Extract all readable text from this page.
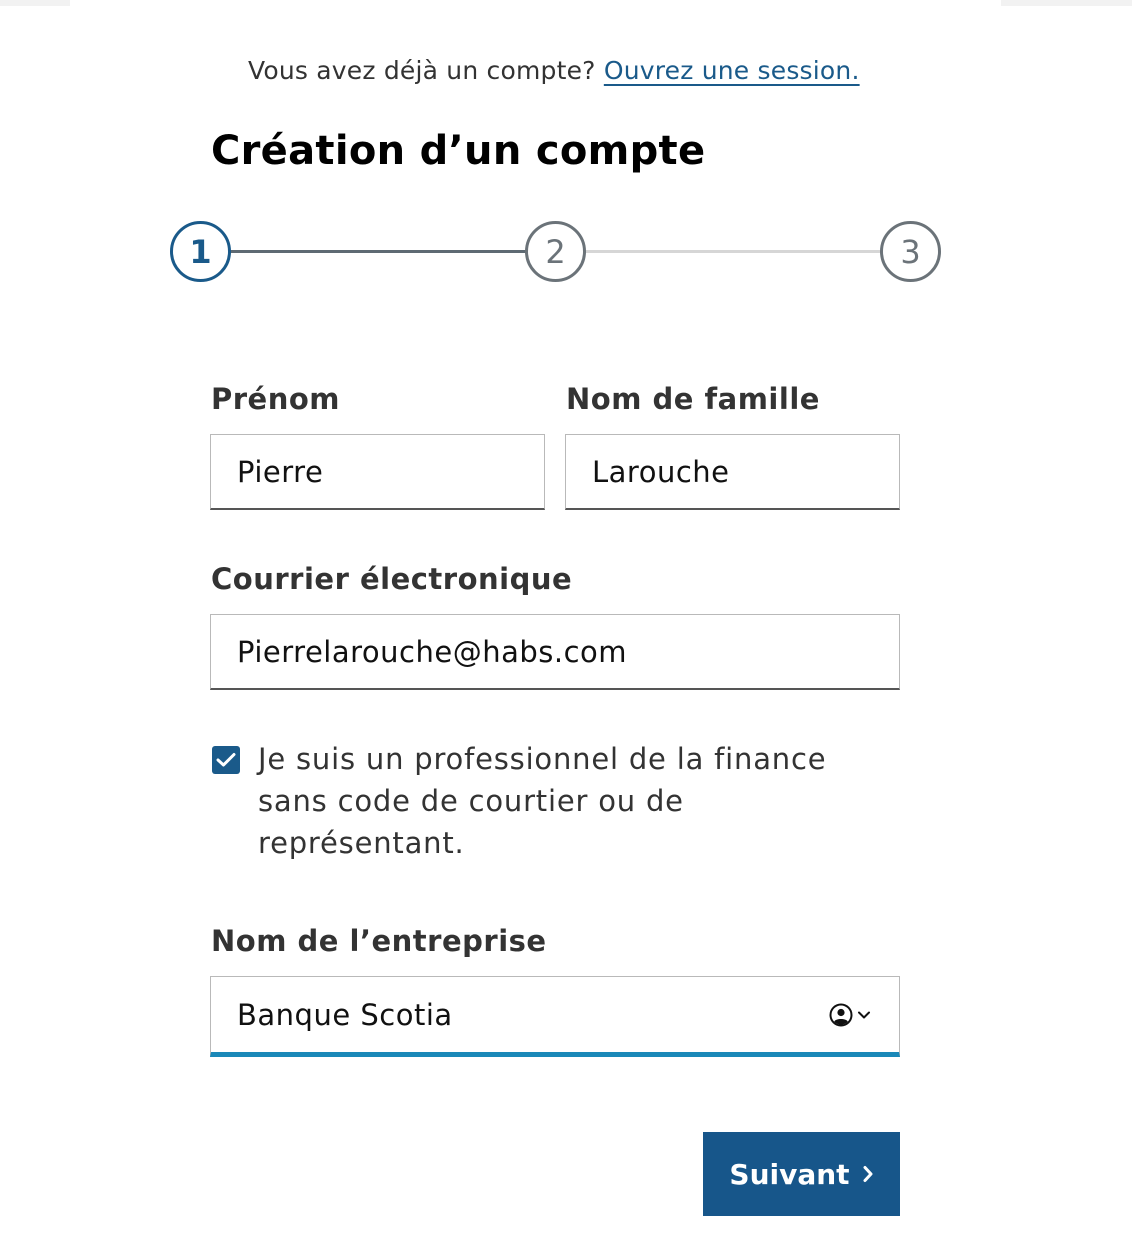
Vous avez déjà un compte? Ouvrez une session.
Création d’un compte
1	2	3
Prénom
Pierre
Nom de famille
Larouche
Courrier électronique
Pierrelarouche@habs.com
Je suis un professionnel de la finance sans code de courtier ou de représentant.
Nom de l’entreprise
Banque Scotia
Suivant
